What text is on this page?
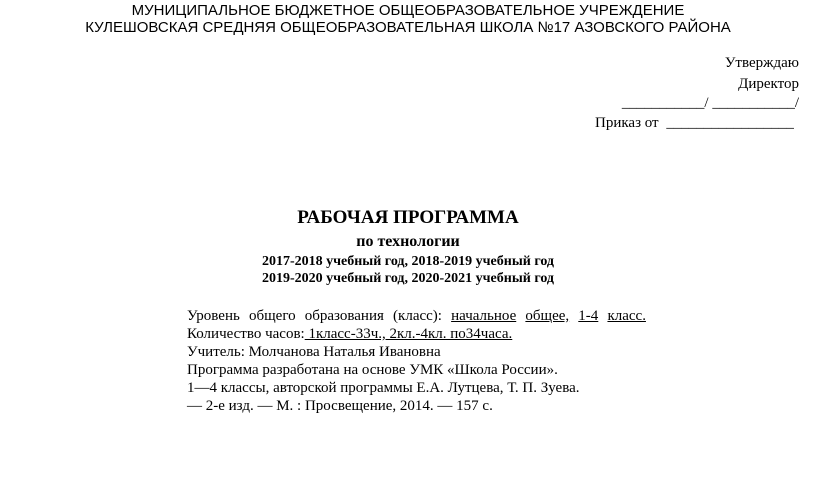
МУНИЦИПАЛЬНОЕ БЮДЖЕТНОЕ ОБЩЕОБРАЗОВАТЕЛЬНОЕ УЧРЕЖДЕНИЕ
КУЛЕШОВСКАЯ СРЕДНЯЯ ОБЩЕОБРАЗОВАТЕЛЬНАЯ ШКОЛА №17 АЗОВСКОГО РАЙОНА
Утверждаю
Директор
___________/ ___________/
Приказ от _________________
РАБОЧАЯ ПРОГРАММА
по технологии
2017-2018 учебный год, 2018-2019 учебный год
2019-2020 учебный год, 2020-2021 учебный год
Уровень общего образования (класс): начальное общее, 1-4 класс.
Количество часов: 1класс-33ч., 2кл.-4кл. по34часа.
Учитель: Молчанова Наталья Ивановна
Программа разработана на основе УМК «Школа России».
1—4 классы, авторской программы Е.А. Лутцева, Т. П. Зуева.
— 2-е изд. — М. : Просвещение, 2014. — 157 с.
